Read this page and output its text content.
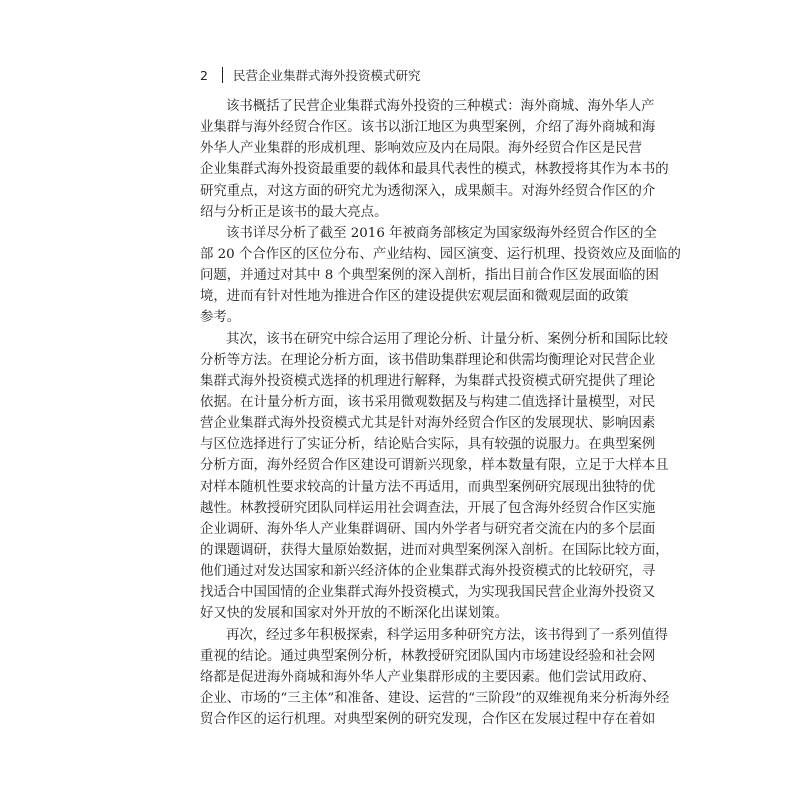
2	民营企业集群式海外投资模式研究
该书概括了民营企业集群式海外投资的三种模式：海外商城、海外华人产
业集群与海外经贸合作区。该书以浙江地区为典型案例，介绍了海外商城和海
外华人产业集群的形成机理、影响效应及内在局限。海外经贸合作区是民营
企业集群式海外投资最重要的载体和最具代表性的模式，林教授将其作为本书的
研究重点，对这方面的研究尤为透彻深入，成果颇丰。对海外经贸合作区的介
绍与分析正是该书的最大亮点。
该书详尽分析了截至 2016 年被商务部核定为国家级海外经贸合作区的全
部 20 个合作区的区位分布、产业结构、园区演变、运行机理、投资效应及面临的
问题，并通过对其中 8 个典型案例的深入剖析，指出目前合作区发展面临的困
境，进而有针对性地为推进合作区的建设提供宏观层面和微观层面的政策
参考。
其次，该书在研究中综合运用了理论分析、计量分析、案例分析和国际比较
分析等方法。在理论分析方面，该书借助集群理论和供需均衡理论对民营企业
集群式海外投资模式选择的机理进行解释，为集群式投资模式研究提供了理论
依据。在计量分析方面，该书采用微观数据及与构建二值选择计量模型，对民
营企业集群式海外投资模式尤其是针对海外经贸合作区的发展现状、影响因素
与区位选择进行了实证分析，结论贴合实际，具有较强的说服力。在典型案例
分析方面，海外经贸合作区建设可谓新兴现象，样本数量有限，立足于大样本且
对样本随机性要求较高的计量方法不再适用，而典型案例研究展现出独特的优
越性。林教授研究团队同样运用社会调查法，开展了包含海外经贸合作区实施
企业调研、海外华人产业集群调研、国内外学者与研究者交流在内的多个层面
的课题调研，获得大量原始数据，进而对典型案例深入剖析。在国际比较方面，
他们通过对发达国家和新兴经济体的企业集群式海外投资模式的比较研究，寻
找适合中国国情的企业集群式海外投资模式，为实现我国民营企业海外投资又
好又快的发展和国家对外开放的不断深化出谋划策。
再次，经过多年积极探索，科学运用多种研究方法，该书得到了一系列值得
重视的结论。通过典型案例分析，林教授研究团队国内市场建设经验和社会网
络都是促进海外商城和海外华人产业集群形成的主要因素。他们尝试用政府、
企业、市场的“三主体”和准备、建设、运营的“三阶段”的双维视角来分析海外经
贸合作区的运行机理。对典型案例的研究发现，合作区在发展过程中存在着如
